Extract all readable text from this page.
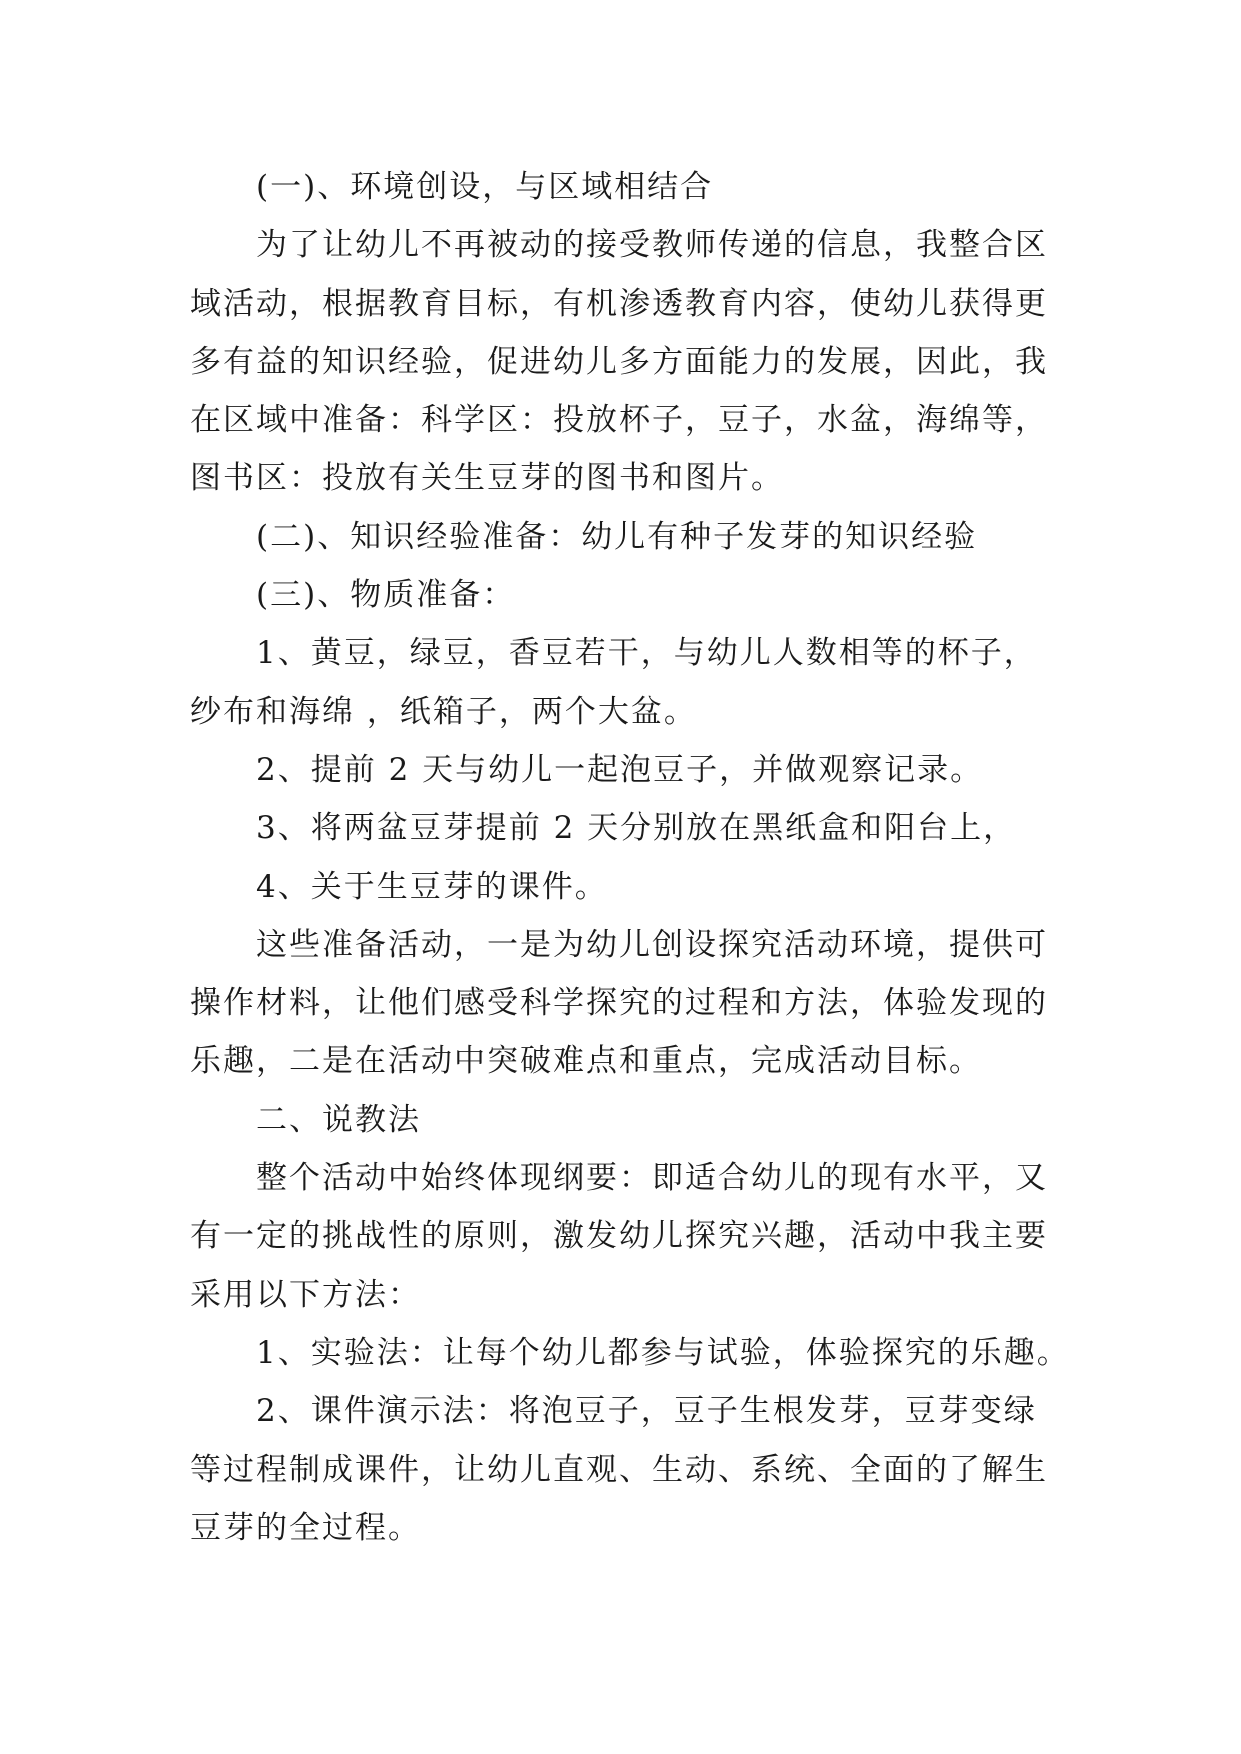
(一)、环境创设，与区域相结合
为了让幼儿不再被动的接受教师传递的信息，我整合区
域活动，根据教育目标，有机渗透教育内容，使幼儿获得更
多有益的知识经验，促进幼儿多方面能力的发展，因此，我
在区域中准备：科学区：投放杯子，豆子，水盆，海绵等，
图书区：投放有关生豆芽的图书和图片。
(二)、知识经验准备：幼儿有种子发芽的知识经验
(三)、物质准备：
1、黄豆，绿豆，香豆若干，与幼儿人数相等的杯子，
纱布和海绵 ，纸箱子，两个大盆。
2、提前 2 天与幼儿一起泡豆子，并做观察记录。
3、将两盆豆芽提前 2 天分别放在黑纸盒和阳台上，
4、关于生豆芽的课件。
这些准备活动，一是为幼儿创设探究活动环境，提供可
操作材料，让他们感受科学探究的过程和方法，体验发现的
乐趣，二是在活动中突破难点和重点，完成活动目标。
二、说教法
整个活动中始终体现纲要：即适合幼儿的现有水平，又
有一定的挑战性的原则，激发幼儿探究兴趣，活动中我主要
采用以下方法：
1、实验法：让每个幼儿都参与试验，体验探究的乐趣。
2、课件演示法：将泡豆子，豆子生根发芽，豆芽变绿
等过程制成课件，让幼儿直观、生动、系统、全面的了解生
豆芽的全过程。
